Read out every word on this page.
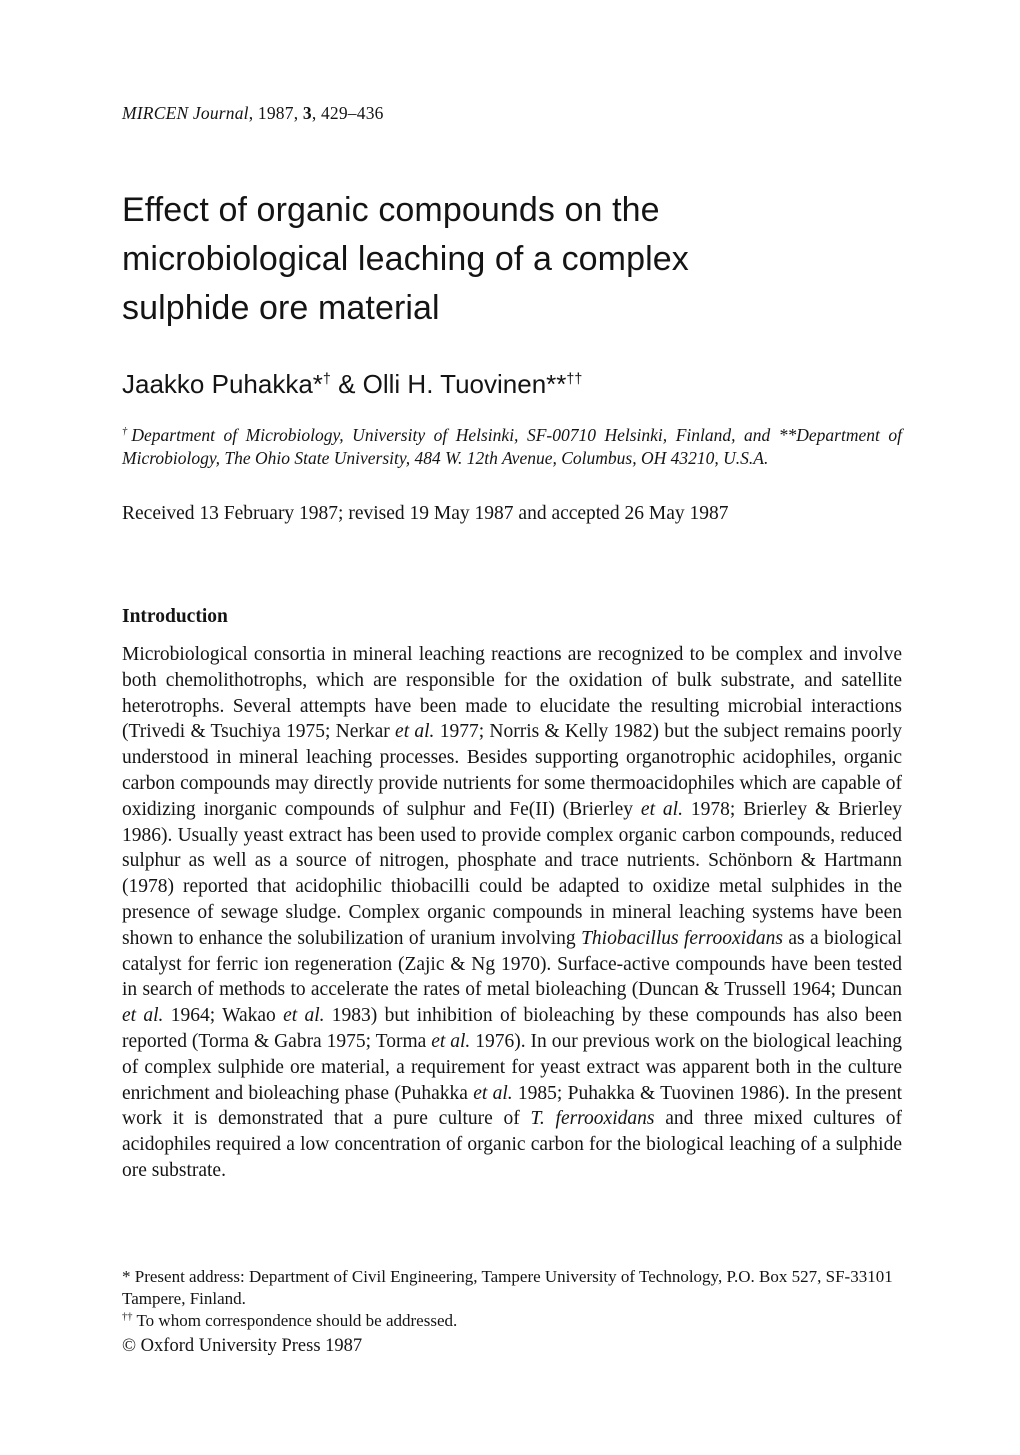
MIRCEN Journal, 1987, 3, 429–436
Effect of organic compounds on the
microbiological leaching of a complex
sulphide ore material
Jaakko Puhakka*† & Olli H. Tuovinen**††
†Department of Microbiology, University of Helsinki, SF-00710 Helsinki, Finland, and **Department of Microbiology, The Ohio State University, 484 W. 12th Avenue, Columbus, OH 43210, U.S.A.
Received 13 February 1987; revised 19 May 1987 and accepted 26 May 1987
Introduction
Microbiological consortia in mineral leaching reactions are recognized to be complex and involve both chemolithotrophs, which are responsible for the oxidation of bulk substrate, and satellite heterotrophs. Several attempts have been made to elucidate the resulting microbial interactions (Trivedi & Tsuchiya 1975; Nerkar et al. 1977; Norris & Kelly 1982) but the subject remains poorly understood in mineral leaching processes. Besides supporting organotrophic acidophiles, organic carbon compounds may directly provide nutrients for some thermoacidophiles which are capable of oxidizing inorganic compounds of sulphur and Fe(II) (Brierley et al. 1978; Brierley & Brierley 1986). Usually yeast extract has been used to provide complex organic carbon compounds, reduced sulphur as well as a source of nitrogen, phosphate and trace nutrients. Schönborn & Hartmann (1978) reported that acidophilic thiobacilli could be adapted to oxidize metal sulphides in the presence of sewage sludge. Complex organic compounds in mineral leaching systems have been shown to enhance the solubilization of uranium involving Thiobacillus ferrooxidans as a biological catalyst for ferric ion regeneration (Zajic & Ng 1970). Surface-active compounds have been tested in search of methods to accelerate the rates of metal bioleaching (Duncan & Trussell 1964; Duncan et al. 1964; Wakao et al. 1983) but inhibition of bioleaching by these compounds has also been reported (Torma & Gabra 1975; Torma et al. 1976). In our previous work on the biological leaching of complex sulphide ore material, a requirement for yeast extract was apparent both in the culture enrichment and bioleaching phase (Puhakka et al. 1985; Puhakka & Tuovinen 1986). In the present work it is demonstrated that a pure culture of T. ferrooxidans and three mixed cultures of acidophiles required a low concentration of organic carbon for the biological leaching of a sulphide ore substrate.

* Present address: Department of Civil Engineering, Tampere University of Technology, P.O. Box 527, SF-33101 Tampere, Finland.

†† To whom correspondence should be addressed.

© Oxford University Press 1987
